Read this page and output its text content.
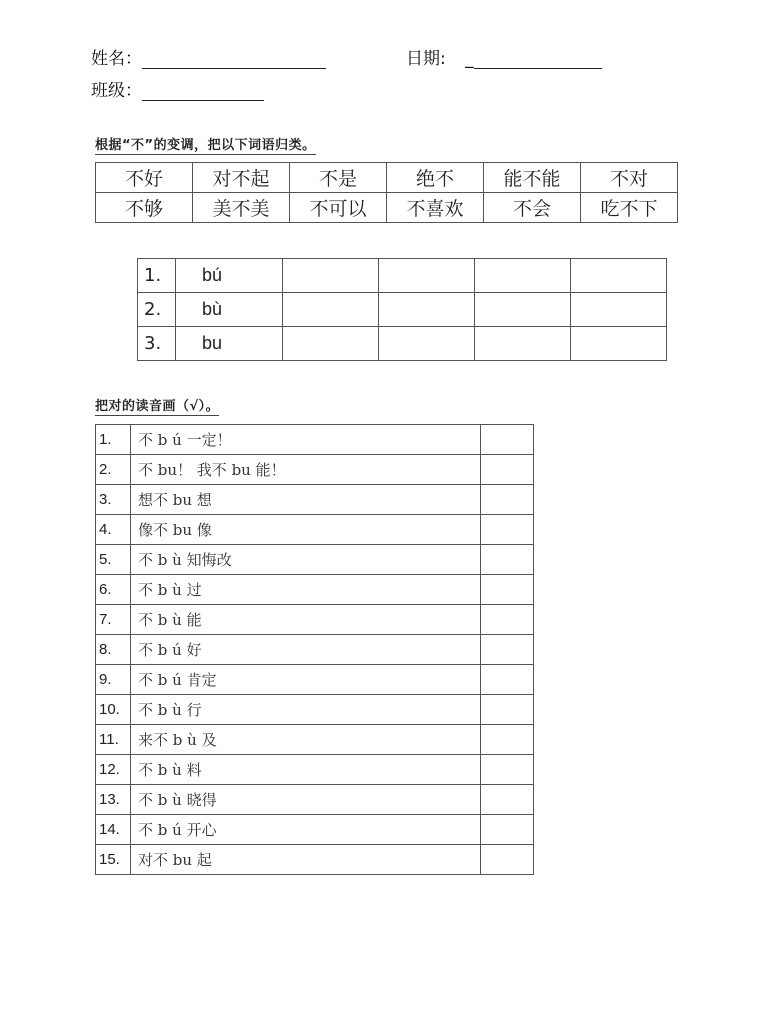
姓名：	日期: _
班级：
根据“不”的变调，把以下词语归类。
不好	对不起	不是	绝不	能不能	不对
不够	美不美	不可以	不喜欢	不会	吃不下
1.	bú				
2.	bù				
3.	bu				
把对的读音画（√）。
1.	不 b ú 一定！	
2.	不 bu！ 我不 bu 能！	
3.	想不 bu 想	
4.	像不 bu 像	
5.	不 b ù 知悔改	
6.	不 b ù 过	
7.	不 b ù 能	
8.	不 b ú 好	
9.	不 b ú 肯定	
10.	不 b ù 行	
11.	来不 b ù 及	
12.	不 b ù 料	
13.	不 b ù 晓得	
14.	不 b ú 开心	
15.	对不 bu 起	
